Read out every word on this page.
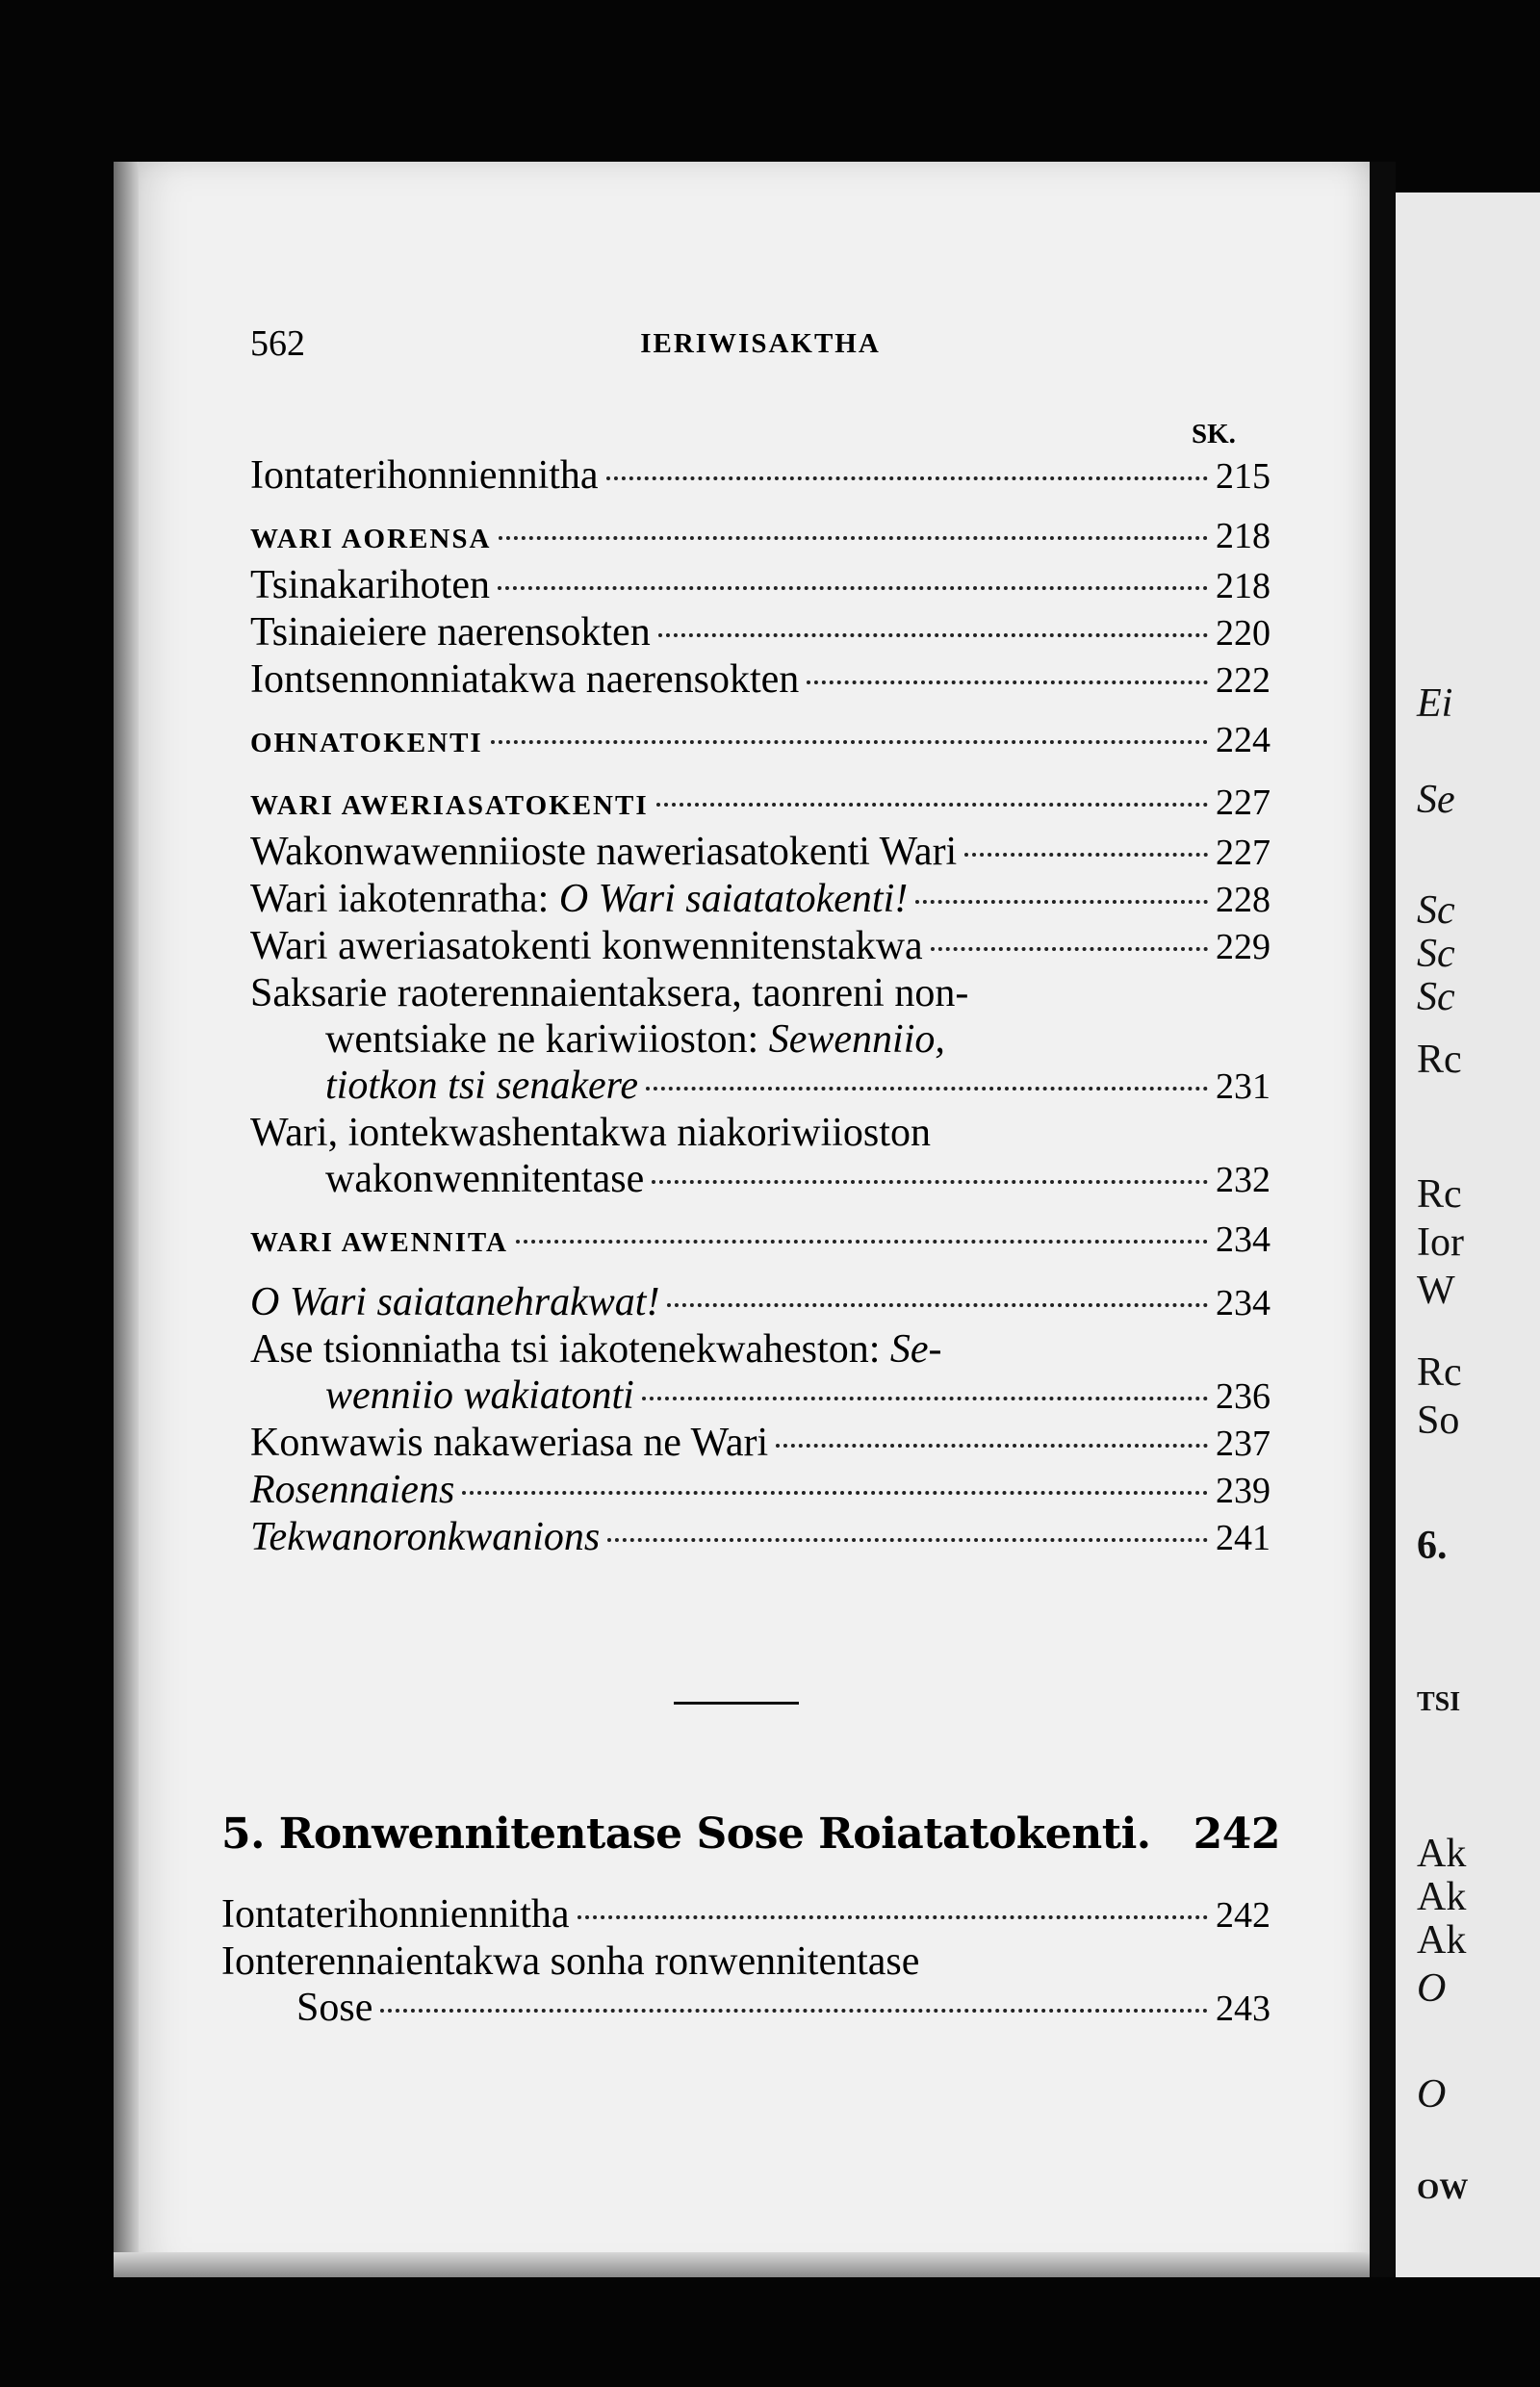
Ei
Se
Sc
Sc
Sc
Rc
Rc
Ior
W
Rc
So
6.
TSI
Ak
Ak
Ak
O
O
OW
562	IERIWISAKTHA
SK.
Iontaterihonniennitha	215
WARI AORENSA	218
Tsinakarihoten	218
Tsinaieiere naerensokten	220
Iontsennonniatakwa naerensokten	222
OHNATOKENTI	224
WARI AWERIASATOKENTI	227
Wakonwawenniioste naweriasatokenti Wari	227
Wari iakotenratha: O Wari saiatatokenti!	228
Wari aweriasatokenti konwennitenstakwa	229
Saksarie raoterennaientaksera, taonreni non-
wentsiake ne kariwiioston: Sewenniio,
tiotkon tsi senakere	231
Wari, iontekwashentakwa niakoriwiioston
wakonwennitentase	232
WARI AWENNITA	234
O Wari saiatanehrakwat!	234
Ase tsionniatha tsi iakotenekwaheston: Se-
wenniio wakiatonti	236
Konwawis nakaweriasa ne Wari	237
Rosennaiens	239
Tekwanoronkwanions	241
5. Ronwennitentase Sose Roiatatokenti. 242
Iontaterihonniennitha	242
Ionterennaientakwa sonha ronwennitentase
Sose	243
